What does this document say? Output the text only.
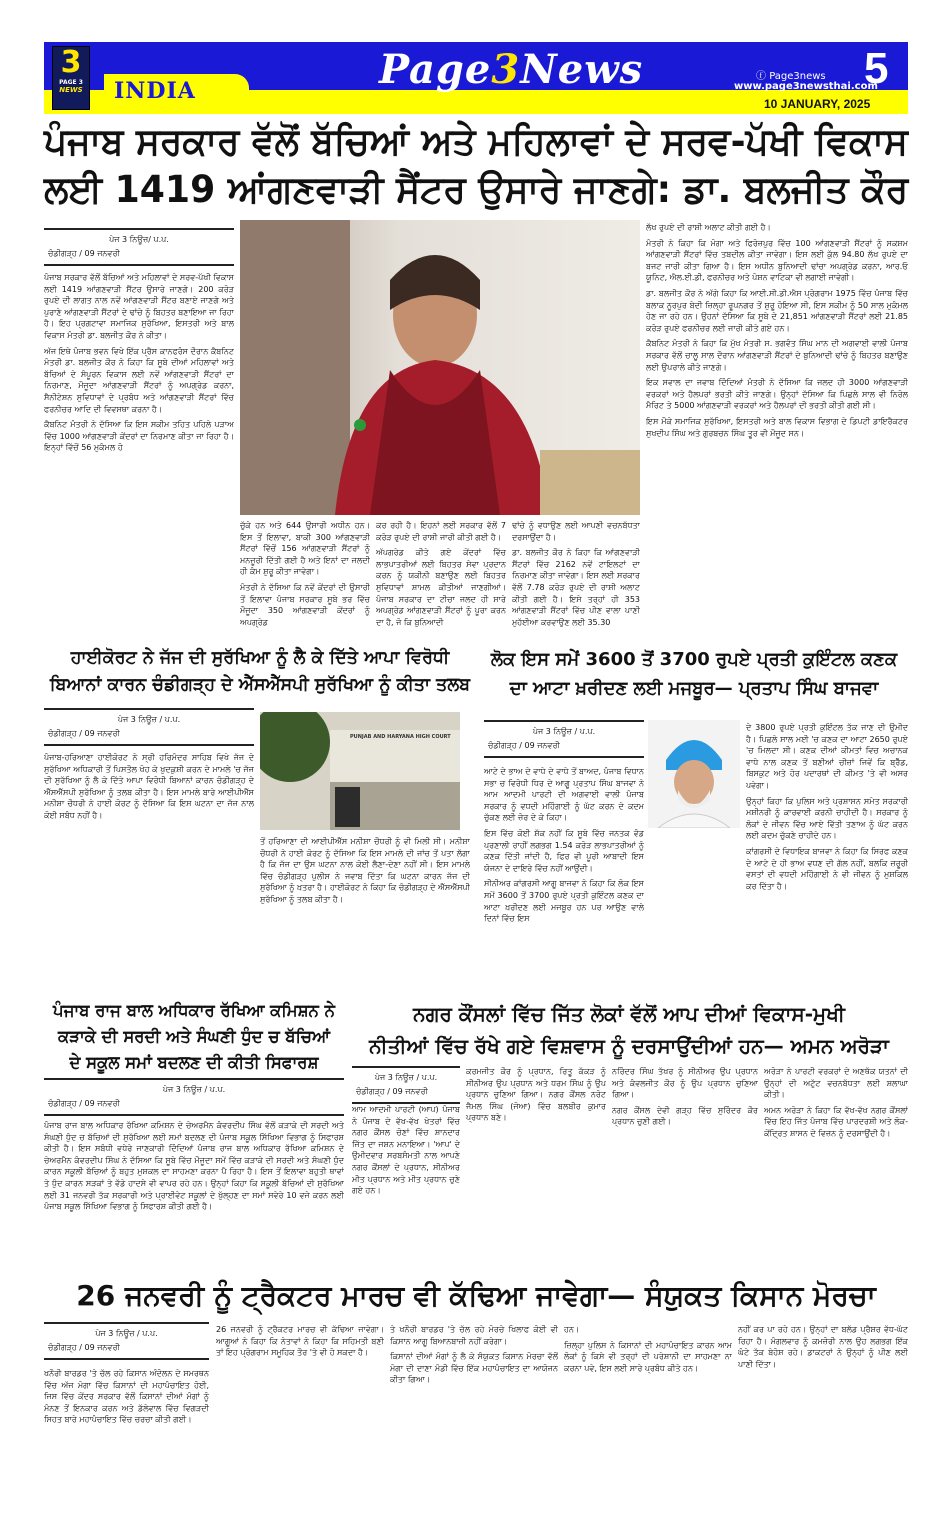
3
PAGE 3
NEWS INDIA	Page3News	ⓕ Page3news
www.page3newsthai.com
5
10 JANUARY, 2025
ਪੰਜਾਬ ਸਰਕਾਰ ਵੱਲੋਂ ਬੱਚਿਆਂ ਅਤੇ ਮਹਿਲਾਵਾਂ ਦੇ ਸਰਵ-ਪੱਖੀ ਵਿਕਾਸ
ਲਈ 1419 ਆਂਗਣਵਾੜੀ ਸੈਂਟਰ ਉਸਾਰੇ ਜਾਣਗੇ: ਡਾ. ਬਲਜੀਤ ਕੌਰ
ਪੇਜ 3 ਨਿਊਜ਼/ ਪ.ਪ.
ਚੰਡੀਗੜ੍ਹ / 09 ਜਨਵਰੀ

ਪੰਜਾਬ ਸਰਕਾਰ ਵੱਲੋਂ ਬੱਚਿਆਂ ਅਤੇ ਮਹਿਲਾਵਾਂ ਦੇ ਸਰਵ-ਪੱਖੀ ਵਿਕਾਸ ਲਈ 1419 ਆਂਗਣਵਾੜੀ ਸੈਂਟਰ ਉਸਾਰੇ ਜਾਣਗੇ। 200 ਕਰੋੜ ਰੁਪਏ ਦੀ ਲਾਗਤ ਨਾਲ ਨਵੇਂ ਆਂਗਣਵਾੜੀ ਸੈਂਟਰ ਬਣਾਏ ਜਾਣਗੇ ਅਤੇ ਪੁਰਾਣੇ ਆਂਗਣਵਾੜੀ ਸੈਂਟਰਾਂ ਦੇ ਢਾਂਚੇ ਨੂੰ ਬਿਹਤਰ ਬਣਾਇਆ ਜਾ ਰਿਹਾ ਹੈ। ਇਹ ਪ੍ਰਗਟਾਵਾ ਸਮਾਜਿਕ ਸੁਰੱਖਿਆ, ਇਸਤਰੀ ਅਤੇ ਬਾਲ ਵਿਕਾਸ ਮੰਤਰੀ ਡਾ. ਬਲਜੀਤ ਕੌਰ ਨੇ ਕੀਤਾ।

ਅੱਜ ਇਥੇ ਪੰਜਾਬ ਭਵਨ ਵਿਖੇ ਇੱਕ ਪ੍ਰੈਸ ਕਾਨਫਰੰਸ ਦੌਰਾਨ ਕੈਬਨਿਟ ਮੰਤਰੀ ਡਾ. ਬਲਜੀਤ ਕੌਰ ਨੇ ਕਿਹਾ ਕਿ ਸੂਬੇ ਦੀਆਂ ਮਹਿਲਾਵਾਂ ਅਤੇ ਬੱਚਿਆਂ ਦੇ ਸੰਪੂਰਨ ਵਿਕਾਸ ਲਈ ਨਵੇਂ ਆਂਗਣਵਾੜੀ ਸੈਂਟਰਾਂ ਦਾ ਨਿਰਮਾਣ, ਮੌਜੂਦਾ ਆਂਗਣਵਾੜੀ ਸੈਂਟਰਾਂ ਨੂੰ ਅਪਗ੍ਰੇਡ ਕਰਨਾ, ਸੈਨੀਟੇਸ਼ਨ ਸੁਵਿਧਾਵਾਂ ਦੇ ਪ੍ਰਬੰਧ ਅਤੇ ਆਂਗਣਵਾੜੀ ਸੈਂਟਰਾਂ ਵਿੱਚ ਫਰਨੀਚਰ ਆਦਿ ਦੀ ਵਿਵਸਥਾ ਕਰਨਾ ਹੈ।

ਕੈਬਨਿਟ ਮੰਤਰੀ ਨੇ ਦੱਸਿਆ ਕਿ ਇਸ ਸਕੀਮ ਤਹਿਤ ਪਹਿਲੇ ਪੜਾਅ ਵਿੱਚ 1000 ਆਂਗਣਵਾੜੀ ਕੇਂਦਰਾਂ ਦਾ ਨਿਰਮਾਣ ਕੀਤਾ ਜਾ ਰਿਹਾ ਹੈ। ਇਨ੍ਹਾਂ ਵਿੱਚੋਂ 56 ਮੁਕੰਮਲ ਹੋ

ਚੁੱਕੇ ਹਨ ਅਤੇ 644 ਉਸਾਰੀ ਅਧੀਨ ਹਨ। ਇਸ ਤੋਂ ਇਲਾਵਾ, ਬਾਕੀ 300 ਆਂਗਣਵਾੜੀ ਸੈਂਟਰਾਂ ਵਿੱਚੋਂ 156 ਆਂਗਣਵਾੜੀ ਸੈਂਟਰਾਂ ਨੂੰ ਮਨਜ਼ੂਰੀ ਦਿੱਤੀ ਗਈ ਹੈ ਅਤੇ ਇਨਾਂ ਦਾ ਜਲਦੀ ਹੀ ਕੰਮ ਸ਼ੁਰੂ ਕੀਤਾ ਜਾਵੇਗਾ।

ਮੰਤਰੀ ਨੇ ਦੱਸਿਆ ਕਿ ਨਵੇਂ ਕੇਂਦਰਾਂ ਦੀ ਉਸਾਰੀ ਤੋਂ ਇਲਾਵਾ ਪੰਜਾਬ ਸਰਕਾਰ ਸੂਬੇ ਭਰ ਵਿੱਚ ਮੌਜੂਦਾ 350 ਆਂਗਣਵਾੜੀ ਕੇਂਦਰਾਂ ਨੂੰ ਅਪਗ੍ਰੇਡ

ਕਰ ਰਹੀ ਹੈ। ਇਹਨਾਂ ਲਈ ਸਰਕਾਰ ਵੱਲੋਂ 7 ਕਰੋੜ ਰੁਪਏ ਦੀ ਰਾਸ਼ੀ ਜਾਰੀ ਕੀਤੀ ਗਈ ਹੈ।

ਅੱਪਗਰੇਡ ਕੀਤੇ ਗਏ ਕੇਂਦਰਾਂ ਵਿੱਚ ਲਾਭਪਾਤਰੀਆਂ ਲਈ ਬਿਹਤਰ ਸੇਵਾ ਪ੍ਰਦਾਨ ਕਰਨ ਨੂੰ ਯਕੀਨੀ ਬਣਾਉਣ ਲਈ ਬਿਹਤਰ ਸੁਵਿਧਾਵਾਂ ਸ਼ਾਮਲ ਕੀਤੀਆਂ ਜਾਣਗੀਆਂ। ਪੰਜਾਬ ਸਰਕਾਰ ਦਾ ਟੀਚਾ ਜਲਦ ਹੀ ਸਾਰੇ ਅਪਗ੍ਰੇਡ ਆਂਗਣਵਾੜੀ ਸੈਂਟਰਾਂ ਨੂੰ ਪੂਰਾ ਕਰਨ ਦਾ ਹੈ, ਜੋ ਕਿ ਬੁਨਿਆਦੀ

ਢਾਂਚੇ ਨੂੰ ਵਧਾਉਣ ਲਈ ਆਪਣੀ ਵਚਨਬੱਧਤਾ ਦਰਸਾਉਂਦਾ ਹੈ।

ਡਾ. ਬਲਜੀਤ ਕੌਰ ਨੇ ਕਿਹਾ ਕਿ ਆਂਗਣਵਾੜੀ ਸੈਂਟਰਾਂ ਵਿੱਚ 2162 ਨਵੇਂ ਟਾਇਲਟਾਂ ਦਾ ਨਿਰਮਾਣ ਕੀਤਾ ਜਾਵੇਗਾ। ਇਸ ਲਈ ਸਰਕਾਰ ਵੱਲੋਂ 7.78 ਕਰੋੜ ਰੁਪਏ ਦੀ ਰਾਸ਼ੀ ਅਲਾਟ ਕੀਤੀ ਗਈ ਹੈ। ਇਸੇ ਤਰ੍ਹਾਂ ਹੀ 353 ਆਂਗਣਵਾੜੀ ਸੈਂਟਰਾਂ ਵਿੱਚ ਪੀਣ ਵਾਲਾ ਪਾਣੀ ਮੁਹੱਈਆ ਕਰਵਾਉਣ ਲਈ 35.30

ਲੱਖ ਰੁਪਏ ਦੀ ਰਾਸ਼ੀ ਅਲਾਟ ਕੀਤੀ ਗਈ ਹੈ।

ਮੰਤਰੀ ਨੇ ਕਿਹਾ ਕਿ ਮੋਗਾ ਅਤੇ ਫਿਰੋਜ਼ਪੁਰ ਵਿੱਚ 100 ਆਂਗਣਵਾੜੀ ਸੈਂਟਰਾਂ ਨੂੰ ਸਕਸ਼ਮ ਆਂਗਣਵਾੜੀ ਸੈਂਟਰਾਂ ਵਿੱਚ ਤਬਦੀਲ ਕੀਤਾ ਜਾਵੇਗਾ। ਇਸ ਲਈ ਕੁੱਲ 94.80 ਲੱਖ ਰੁਪਏ ਦਾ ਬਜਟ ਜਾਰੀ ਕੀਤਾ ਗਿਆ ਹੈ। ਇਸ ਅਧੀਨ ਬੁਨਿਆਦੀ ਢਾਂਚਾ ਅਪਗ੍ਰੇਡ ਕਰਨਾ, ਆਰ.ਓ ਯੂਨਿਟ, ਐਲ.ਈ.ਡੀ, ਫਰਨੀਚਰ ਅਤੇ ਪੋਸ਼ਨ ਵਾਟਿਕਾ ਵੀ ਲਗਾਈ ਜਾਵੇਗੀ।

ਡਾ. ਬਲਜੀਤ ਕੌਰ ਨੇ ਅੱਗੇ ਕਿਹਾ ਕਿ ਆਈ.ਸੀ.ਡੀ.ਐਸ ਪ੍ਰੋਗਰਾਮ 1975 ਵਿੱਚ ਪੰਜਾਬ ਵਿੱਚ ਬਲਾਕ ਨੂਰਪੁਰ ਬੇਦੀ ਜ਼ਿਲ੍ਹਾ ਰੂਪਨਗਰ ਤੋਂ ਸ਼ੁਰੂ ਹੋਇਆ ਸੀ, ਇਸ ਸਕੀਮ ਨੂੰ 50 ਸਾਲ ਮੁਕੰਮਲ ਹੋਣ ਜਾ ਰਹੇ ਹਨ। ਉਹਨਾਂ ਦੱਸਿਆ ਕਿ ਸੂਬੇ ਦੇ 21,851 ਆਂਗਣਵਾੜੀ ਸੈਂਟਰਾਂ ਲਈ 21.85 ਕਰੋੜ ਰੁਪਏ ਫਰਨੀਚਰ ਲਈ ਜਾਰੀ ਕੀਤੇ ਗਏ ਹਨ।

ਕੈਬਨਿਟ ਮੰਤਰੀ ਨੇ ਕਿਹਾ ਕਿ ਮੁੱਖ ਮੰਤਰੀ ਸ. ਭਗਵੰਤ ਸਿੰਘ ਮਾਨ ਦੀ ਅਗਵਾਈ ਵਾਲੀ ਪੰਜਾਬ ਸਰਕਾਰ ਵੱਲੋਂ ਚਾਲੂ ਸਾਲ ਦੌਰਾਨ ਆਂਗਣਵਾੜੀ ਸੈਂਟਰਾਂ ਦੇ ਬੁਨਿਆਦੀ ਢਾਂਚੇ ਨੂੰ ਬਿਹਤਰ ਬਣਾਉਣ ਲਈ ਉਪਰਾਲੇ ਕੀਤੇ ਜਾਣਗੇ।

ਇਕ ਸਵਾਲ ਦਾ ਜਵਾਬ ਦਿੰਦਿਆਂ ਮੰਤਰੀ ਨੇ ਦੱਸਿਆ ਕਿ ਜਲਦ ਹੀ 3000 ਆਂਗਣਵਾੜੀ ਵਰਕਰਾਂ ਅਤੇ ਹੈਲਪਰਾਂ ਭਰਤੀ ਕੀਤੇ ਜਾਣਗੇ। ਉਨ੍ਹਾਂ ਦੱਸਿਆ ਕਿ ਪਿਛਲੇ ਸਾਲ ਵੀ ਨਿਰੋਲ ਮੈਰਿਟ ਤੇ 5000 ਆਂਗਣਵਾੜੀ ਵਰਕਰਾਂ ਅਤੇ ਹੈਲਪਰਾਂ ਦੀ ਭਰਤੀ ਕੀਤੀ ਗਈ ਸੀ।

ਇਸ ਮੌਕੇ ਸਮਾਜਿਕ ਸੁਰੱਖਿਆ, ਇਸਤਰੀ ਅਤੇ ਬਾਲ ਵਿਕਾਸ ਵਿਭਾਗ ਦੇ ਡਿਪਟੀ ਡਾਇਰੈਕਟਰ ਸੁਖਦੀਪ ਸਿੰਘ ਅਤੇ ਗੁਰਬਚਨ ਸਿੰਘ ਤੂਰ ਵੀ ਮੌਜੂਦ ਸਨ।

ਹਾਈਕੋਰਟ ਨੇ ਜੱਜ ਦੀ ਸੁਰੱਖਿਆ ਨੂੰ ਲੈ ਕੇ ਦਿੱਤੇ ਆਪਾ ਵਿਰੋਧੀ
ਬਿਆਨਾਂ ਕਾਰਨ ਚੰਡੀਗੜ੍ਹ ਦੇ ਐੱਸਐੱਸਪੀ ਸੁਰੱਖਿਆ ਨੂੰ ਕੀਤਾ ਤਲਬ
ਪੇਜ 3 ਨਿਊਜ਼ / ਪ.ਪ.
ਚੰਡੀਗੜ੍ਹ / 09 ਜਨਵਰੀ

ਪੰਜਾਬ-ਹਰਿਆਣਾ ਹਾਈਕੋਰਟ ਨੇ ਸ੍ਰੀ ਹਰਿਮੰਦਰ ਸਾਹਿਬ ਵਿਖੇ ਜੱਜ ਦੇ ਸੁਰੱਖਿਆ ਅਧਿਕਾਰੀ ਤੋਂ ਪਿਸਤੌਲ ਖੋਹ ਕੇ ਖੁਦਕੁਸ਼ੀ ਕਰਨ ਦੇ ਮਾਮਲੇ 'ਚ ਜੱਜ ਦੀ ਸੁਰੱਖਿਆ ਨੂੰ ਲੈ ਕੇ ਦਿੱਤੇ ਆਪਾ ਵਿਰੋਧੀ ਬਿਆਨਾਂ ਕਾਰਨ ਚੰਡੀਗੜ੍ਹ ਦੇ ਐੱਸਐੱਸਪੀ ਸੁਰੱਖਿਆ ਨੂੰ ਤਲਬ ਕੀਤਾ ਹੈ। ਇਸ ਮਾਮਲੇ ਬਾਰੇ ਆਈਪੀਐੱਸ ਮਨੀਸ਼ਾ ਚੌਧਰੀ ਨੇ ਹਾਈ ਕੋਰਟ ਨੂੰ ਦੱਸਿਆ ਕਿ ਇਸ ਘਟਨਾ ਦਾ ਜੱਜ ਨਾਲ ਕੋਈ ਸਬੰਧ ਨਹੀਂ ਹੈ।

PUNJAB AND HARYANA HIGH COURT

ਤੋਂ ਹਰਿਆਣਾ ਦੀ ਆਈਪੀਐੱਸ ਮਨੀਸ਼ਾ ਚੌਧਰੀ ਨੂੰ ਵੀ ਮਿਲੀ ਸੀ। ਮਨੀਸ਼ਾ ਚੌਧਰੀ ਨੇ ਹਾਈ ਕੋਰਟ ਨੂੰ ਦੱਸਿਆ ਕਿ ਇਸ ਮਾਮਲੇ ਦੀ ਜਾਂਚ ਤੋਂ ਪਤਾ ਲੱਗਾ ਹੈ ਕਿ ਜੱਜ ਦਾ ਉਸ ਘਟਨਾ ਨਾਲ ਕੋਈ ਲੈਣਾ-ਦੇਣਾ ਨਹੀਂ ਸੀ। ਇਸ ਮਾਮਲੇ ਵਿੱਚ ਚੰਡੀਗੜ੍ਹ ਪੁਲੀਸ ਨੇ ਜਵਾਬ ਦਿੱਤਾ ਕਿ ਘਟਨਾ ਕਾਰਨ ਜੱਜ ਦੀ ਸੁਰੱਖਿਆ ਨੂੰ ਖ਼ਤਰਾ ਹੈ। ਹਾਈਕੋਰਟ ਨੇ ਕਿਹਾ ਕਿ ਚੰਡੀਗੜ੍ਹ ਦੇ ਐੱਸਐੱਸਪੀ ਸੁਰੱਖਿਆ ਨੂੰ ਤਲਬ ਕੀਤਾ ਹੈ।

ਲੋਕ ਇਸ ਸਮੇਂ 3600 ਤੋਂ 3700 ਰੁਪਏ ਪ੍ਰਤੀ ਕੁਇੰਟਲ ਕਣਕ
ਦਾ ਆਟਾ ਖ਼ਰੀਦਣ ਲਈ ਮਜਬੂਰ— ਪ੍ਰਤਾਪ ਸਿੰਘ ਬਾਜਵਾ
ਪੇਜ 3 ਨਿਊਜ਼ / ਪ.ਪ.
ਚੰਡੀਗੜ੍ਹ / 09 ਜਨਵਰੀ

ਆਟੇ ਦੇ ਭਾਅ ਦੇ ਵਾਧੇ ਦੇ ਵਾਧੇ ਤੋਂ ਬਾਅਦ, ਪੰਜਾਬ ਵਿਧਾਨ ਸਭਾ ਚ ਵਿਰੋਧੀ ਧਿਰ ਦੇ ਆਗੂ ਪ੍ਰਤਾਪ ਸਿੰਘ ਬਾਜਵਾ ਨੇ ਆਮ ਆਦਮੀ ਪਾਰਟੀ ਦੀ ਅਗਵਾਈ ਵਾਲੀ ਪੰਜਾਬ ਸਰਕਾਰ ਨੂੰ ਵਧਦੀ ਮਹਿੰਗਾਈ ਨੂੰ ਘੱਟ ਕਰਨ ਦੇ ਕਦਮ ਚੁੱਕਣ ਲਈ ਜ਼ੋਰ ਦੇ ਕੇ ਕਿਹਾ।

ਇਸ ਵਿੱਚ ਕੋਈ ਸ਼ੱਕ ਨਹੀਂ ਕਿ ਸੂਬੇ ਵਿੱਚ ਜਨਤਕ ਵੰਡ ਪ੍ਰਣਾਲੀ ਰਾਹੀਂ ਲਗਭਗ 1.54 ਕਰੋੜ ਲਾਭਪਾਤਰੀਆਂ ਨੂੰ ਕਣਕ ਦਿੱਤੀ ਜਾਂਦੀ ਹੈ, ਫਿਰ ਵੀ ਪੂਰੀ ਆਬਾਦੀ ਇਸ ਯੋਜਨਾ ਦੇ ਦਾਇਰੇ ਵਿੱਚ ਨਹੀਂ ਆਉਂਦੀ।

ਸੀਨੀਅਰ ਕਾਂਗਰਸੀ ਆਗੂ ਬਾਜਵਾ ਨੇ ਕਿਹਾ ਕਿ ਲੋਕ ਇਸ ਸਮੇਂ 3600 ਤੋਂ 3700 ਰੁਪਏ ਪ੍ਰਤੀ ਕੁਇੰਟਲ ਕਣਕ ਦਾ ਆਟਾ ਖ਼ਰੀਦਣ ਲਈ ਮਜਬੂਰ ਹਨ ਪਰ ਆਉਣ ਵਾਲੇ ਦਿਨਾਂ ਵਿੱਚ ਇਸ

ਦੇ 3800 ਰੁਪਏ ਪ੍ਰਤੀ ਕੁਇੰਟਲ ਤੱਕ ਜਾਣ ਦੀ ਉਮੀਦ ਹੈ। ਪਿਛਲੇ ਸਾਲ ਮਈ 'ਚ ਕਣਕ ਦਾ ਆਟਾ 2650 ਰੁਪਏ 'ਚ ਮਿਲਦਾ ਸੀ। ਕਣਕ ਦੀਆਂ ਕੀਮਤਾਂ ਵਿਚ ਅਚਾਨਕ ਵਾਧੇ ਨਾਲ ਕਣਕ ਤੋਂ ਬਣੀਆਂ ਚੀਜ਼ਾਂ ਜਿਵੇਂ ਕਿ ਬ੍ਰੈੱਡ, ਬਿਸਕੁਟ ਅਤੇ ਹੋਰ ਪਦਾਰਥਾਂ ਦੀ ਕੀਮਤ 'ਤੇ ਵੀ ਅਸਰ ਪਵੇਗਾ।

ਉਨ੍ਹਾਂ ਕਿਹਾ ਕਿ ਪੁਲਿਸ ਅਤੇ ਪ੍ਰਸ਼ਾਸਨ ਸਮੇਤ ਸਰਕਾਰੀ ਮਸ਼ੀਨਰੀ ਨੂੰ ਕਾਰਵਾਈ ਕਰਨੀ ਚਾਹੀਦੀ ਹੈ। ਸਰਕਾਰ ਨੂੰ ਲੋਕਾਂ ਦੇ ਜੀਵਨ ਵਿੱਚ ਆਏ ਵਿੱਤੀ ਤਣਾਅ ਨੂੰ ਘੱਟ ਕਰਨ ਲਈ ਕਦਮ ਚੁੱਕਣੇ ਚਾਹੀਦੇ ਹਨ।

ਕਾਂਗਰਸੀ ਦੇ ਵਿਧਾਇਕ ਬਾਜਵਾ ਨੇ ਕਿਹਾ ਕਿ ਸਿਰਫ ਕਣਕ ਦੇ ਆਟੇ ਦੇ ਹੀ ਭਾਅ ਵਧਣ ਦੀ ਗੱਲ ਨਹੀਂ, ਬਲਕਿ ਜ਼ਰੂਰੀ ਵਸਤਾਂ ਦੀ ਵਧਦੀ ਮਹਿੰਗਾਈ ਨੇ ਵੀ ਜੀਵਨ ਨੂੰ ਮੁਸ਼ਕਿਲ ਕਰ ਦਿੱਤਾ ਹੈ।

ਪੰਜਾਬ ਰਾਜ ਬਾਲ ਅਧਿਕਾਰ ਰੱਖਿਆ ਕਮਿਸ਼ਨ ਨੇ
ਕੜਾਕੇ ਦੀ ਸਰਦੀ ਅਤੇ ਸੰਘਣੀ ਧੁੰਦ ਚ ਬੱਚਿਆਂ
ਦੇ ਸਕੂਲ ਸਮਾਂ ਬਦਲਣ ਦੀ ਕੀਤੀ ਸਿਫਾਰਸ਼
ਪੇਜ 3 ਨਿਊਜ਼ / ਪ.ਪ.
ਚੰਡੀਗੜ੍ਹ / 09 ਜਨਵਰੀ

ਪੰਜਾਬ ਰਾਜ ਬਾਲ ਅਧਿਕਾਰ ਰੱਖਿਆ ਕਮਿਸ਼ਨ ਦੇ ਚੇਅਰਮੈਨ ਕੰਵਰਦੀਪ ਸਿੰਘ ਵੱਲੋਂ ਕੜਾਕੇ ਦੀ ਸਰਦੀ ਅਤੇ ਸੰਘਣੀ ਧੁੰਦ ਚ ਬੱਚਿਆਂ ਦੀ ਸੁਰੱਖਿਆ ਲਈ ਸਮਾਂ ਬਦਲਣ ਦੀ ਪੰਜਾਬ ਸਕੂਲ ਸਿੱਖਿਆ ਵਿਭਾਗ ਨੂੰ ਸਿਫਾਰਸ਼ ਕੀਤੀ ਹੈ। ਇਸ ਸਬੰਧੀ ਵਧੇਰੇ ਜਾਣਕਾਰੀ ਦਿੰਦਿਆਂ ਪੰਜਾਬ ਰਾਜ ਬਾਲ ਅਧਿਕਾਰ ਰੱਖਿਆ ਕਮਿਸ਼ਨ ਦੇ ਚੇਅਰਮੈਨ ਕੰਵਰਦੀਪ ਸਿੰਘ ਨੇ ਦੱਸਿਆ ਕਿ ਸੂਬੇ ਵਿੱਚ ਮੌਜੂਦਾ ਸਮੇਂ ਵਿੱਚ ਕੜਾਕੇ ਦੀ ਸਰਦੀ ਅਤੇ ਸੰਘਣੀ ਧੁੰਦ ਕਾਰਨ ਸਕੂਲੀ ਬੱਚਿਆਂ ਨੂੰ ਬਹੁਤ ਮੁਸ਼ਕਲ ਦਾ ਸਾਹਮਣਾ ਕਰਨਾ ਪੈ ਰਿਹਾ ਹੈ। ਇਸ ਤੋਂ ਇਲਾਵਾ ਬਹੁਤੀ ਥਾਵਾਂ ਤੇ ਧੁੰਦ ਕਾਰਨ ਸੜਕਾਂ ਤੇ ਵੱਡੇ ਹਾਦਸੇ ਵੀ ਵਾਪਰ ਰਹੇ ਹਨ। ਉਨ੍ਹਾਂ ਕਿਹਾ ਕਿ ਸਕੂਲੀ ਬੱਚਿਆਂ ਦੀ ਸੁਰੱਖਿਆ ਲਈ 31 ਜਨਵਰੀ ਤੱਕ ਸਰਕਾਰੀ ਅਤੇ ਪ੍ਰਾਈਵੇਟ ਸਕੂਲਾਂ ਦੇ ਖੁੱਲ੍ਹਣ ਦਾ ਸਮਾਂ ਸਵੇਰੇ 10 ਵਜੇ ਕਰਨ ਲਈ ਪੰਜਾਬ ਸਕੂਲ ਸਿੱਖਿਆ ਵਿਭਾਗ ਨੂੰ ਸਿਫਾਰਸ਼ ਕੀਤੀ ਗਈ ਹੈ।

ਨਗਰ ਕੌਂਸਲਾਂ ਵਿੱਚ ਜਿੱਤ ਲੋਕਾਂ ਵੱਲੋਂ ਆਪ ਦੀਆਂ ਵਿਕਾਸ-ਮੁਖੀ
ਨੀਤੀਆਂ ਵਿੱਚ ਰੱਖੇ ਗਏ ਵਿਸ਼ਵਾਸ ਨੂੰ ਦਰਸਾਉਂਦੀਆਂ ਹਨ— ਅਮਨ ਅਰੋੜਾ
ਪੇਜ 3 ਨਿਊਜ਼ / ਪ.ਪ.
ਚੰਡੀਗੜ੍ਹ / 09 ਜਨਵਰੀ

ਆਮ ਆਦਮੀ ਪਾਰਟੀ (ਆਪ) ਪੰਜਾਬ ਨੇ ਪੰਜਾਬ ਦੇ ਵੱਖ-ਵੱਖ ਖੇਤਰਾਂ ਵਿੱਚ ਨਗਰ ਕੌਂਸਲ ਚੋਣਾਂ ਵਿੱਚ ਸ਼ਾਨਦਾਰ ਜਿੱਤ ਦਾ ਜਸ਼ਨ ਮਨਾਇਆ। 'ਆਪ' ਦੇ ਉਮੀਦਵਾਰ ਸਰਬਸੰਮਤੀ ਨਾਲ ਆਪਣੇ ਨਗਰ ਕੌਂਸਲਾਂ ਦੇ ਪ੍ਰਧਾਨ, ਸੀਨੀਅਰ ਮੀਤ ਪ੍ਰਧਾਨ ਅਤੇ ਮੀਤ ਪ੍ਰਧਾਨ ਚੁਣੇ ਗਏ ਹਨ।

ਕਰਮਜੀਤ ਕੌਰ ਨੂੰ ਪ੍ਰਧਾਨ, ਰਿਤੂ ਕੱਕੜ ਨੂੰ ਸੀਨੀਅਰ ਉਪ ਪ੍ਰਧਾਨ ਅਤੇ ਧਰਮ ਸਿੰਘ ਨੂੰ ਉਪ ਪ੍ਰਧਾਨ ਚੁਣਿਆ ਗਿਆ। ਨਗਰ ਕੌਂਸਲ ਨਰੋਟ ਜੈਮਲ ਸਿੰਘ (ਜੋਆ) ਵਿੱਚ ਬਲਬੀਰ ਕੁਮਾਰ ਪ੍ਰਧਾਨ ਬਣੇ।

ਨਰਿੰਦਰ ਸਿੰਘ ਤੱਖਰ ਨੂੰ ਸੀਨੀਅਰ ਉਪ ਪ੍ਰਧਾਨ ਅਤੇ ਕੰਵਲਜੀਤ ਕੌਰ ਨੂੰ ਉਪ ਪ੍ਰਧਾਨ ਚੁਣਿਆ ਗਿਆ।

ਨਗਰ ਕੌਂਸਲ ਦੇਵੀ ਗੜ੍ਹ ਵਿੱਚ ਸੁਰਿੰਦਰ ਕੌਰ ਪ੍ਰਧਾਨ ਚੁਣੀ ਗਈ।

ਅਰੋੜਾ ਨੇ ਪਾਰਟੀ ਵਰਕਰਾਂ ਦੇ ਅਣਥੱਕ ਯਤਨਾਂ ਦੀ ਉਨ੍ਹਾਂ ਦੀ ਅਟੁੱਟ ਵਚਨਬੱਧਤਾ ਲਈ ਸ਼ਲਾਘਾ ਕੀਤੀ।

ਅਮਨ ਅਰੋੜਾ ਨੇ ਕਿਹਾ ਕਿ ਵੱਖ-ਵੱਖ ਨਗਰ ਕੌਂਸਲਾਂ ਵਿੱਚ ਇਹ ਜਿੱਤ ਪੰਜਾਬ ਵਿੱਚ ਪਾਰਦਰਸ਼ੀ ਅਤੇ ਲੋਕ-ਕੇਂਦ੍ਰਿਤ ਸ਼ਾਸਨ ਦੇ ਵਿਜ਼ਨ ਨੂੰ ਦਰਸਾਉਂਦੀ ਹੈ।

26 ਜਨਵਰੀ ਨੂੰ ਟ੍ਰੈਕਟਰ ਮਾਰਚ ਵੀ ਕੱਢਿਆ ਜਾਵੇਗਾ— ਸੰਯੁਕਤ ਕਿਸਾਨ ਮੋਰਚਾ
ਪੇਜ 3 ਨਿਊਜ਼ / ਪ.ਪ.
ਚੰਡੀਗੜ੍ਹ / 09 ਜਨਵਰੀ

ਖਨੌਰੀ ਬਾਰਡਰ 'ਤੇ ਚੱਲ ਰਹੇ ਕਿਸਾਨ ਅੰਦੋਲਨ ਦੇ ਸਮਰਥਨ ਵਿੱਚ ਅੱਜ ਮੋਗਾ ਵਿੱਚ ਕਿਸਾਨਾਂ ਦੀ ਮਹਾਪੰਚਾਇਤ ਹੋਈ, ਜਿਸ ਵਿੱਚ ਕੇਂਦਰ ਸਰਕਾਰ ਵੱਲੋਂ ਕਿਸਾਨਾਂ ਦੀਆਂ ਮੰਗਾਂ ਨੂੰ ਮੰਨਣ ਤੋਂ ਇਨਕਾਰ ਕਰਨ ਅਤੇ ਡੱਲੇਵਾਲ ਵਿੱਚ ਵਿਗੜਦੀ ਸਿਹਤ ਬਾਰੇ ਮਹਾਪੰਚਾਇਤ ਵਿੱਚ ਚਰਚਾ ਕੀਤੀ ਗਈ।

26 ਜਨਵਰੀ ਨੂੰ ਟ੍ਰੈਕਟਰ ਮਾਰਚ ਵੀ ਕੱਢਿਆ ਜਾਵੇਗਾ। ਆਗੂਆਂ ਨੇ ਕਿਹਾ ਕਿ ਨੇਤਾਵਾਂ ਨੇ ਕਿਹਾ ਕਿ ਸਹਿਮਤੀ ਬਣੀ ਤਾਂ ਇਹ ਪ੍ਰੋਗਰਾਮ ਸਮੂਹਿਕ ਤੌਰ 'ਤੇ ਵੀ ਹੋ ਸਕਦਾ ਹੈ।

ਤੇ ਖਨੌਰੀ ਬਾਰਡਰ 'ਤੇ ਚੱਲ ਰਹੇ ਮੋਰਚੇ ਖਿਲਾਫ ਕੋਈ ਵੀ ਕਿਸਾਨ ਆਗੂ ਬਿਆਨਬਾਜ਼ੀ ਨਹੀਂ ਕਰੇਗਾ।

ਕਿਸਾਨਾਂ ਦੀਆਂ ਮੰਗਾਂ ਨੂੰ ਲੈ ਕੇ ਸੰਯੁਕਤ ਕਿਸਾਨ ਮੋਰਚਾ ਵੱਲੋਂ ਮੋਗਾ ਦੀ ਦਾਣਾ ਮੰਡੀ ਵਿੱਚ ਇੱਕ ਮਹਾਪੰਚਾਇਤ ਦਾ ਆਯੋਜਨ ਕੀਤਾ ਗਿਆ।

ਹਨ।

ਜ਼ਿਲ੍ਹਾ ਪੁਲਿਸ ਨੇ ਕਿਸਾਨਾਂ ਦੀ ਮਹਾਪੰਚਾਇਤ ਕਾਰਨ ਆਮ ਲੋਕਾਂ ਨੂੰ ਕਿਸੇ ਵੀ ਤਰ੍ਹਾਂ ਦੀ ਪਰੇਸ਼ਾਨੀ ਦਾ ਸਾਹਮਣਾ ਨਾ ਕਰਨਾ ਪਵੇ, ਇਸ ਲਈ ਸਾਰੇ ਪ੍ਰਬੰਧ ਕੀਤੇ ਹਨ।

ਨਹੀਂ ਕਰ ਪਾ ਰਹੇ ਹਨ। ਉਨ੍ਹਾਂ ਦਾ ਬਲੱਡ ਪ੍ਰੈਸ਼ਰ ਵੱਧ-ਘੱਟ ਰਿਹਾ ਹੈ। ਮੰਗਲਵਾਰ ਨੂੰ ਕਮਜ਼ੋਰੀ ਨਾਲ ਉਹ ਲਗਭਗ ਇੱਕ ਘੰਟੇ ਤੱਕ ਬੇਹੋਸ਼ ਰਹੇ। ਡਾਕਟਰਾਂ ਨੇ ਉਨ੍ਹਾਂ ਨੂੰ ਪੀਣ ਲਈ ਪਾਣੀ ਦਿੱਤਾ।
